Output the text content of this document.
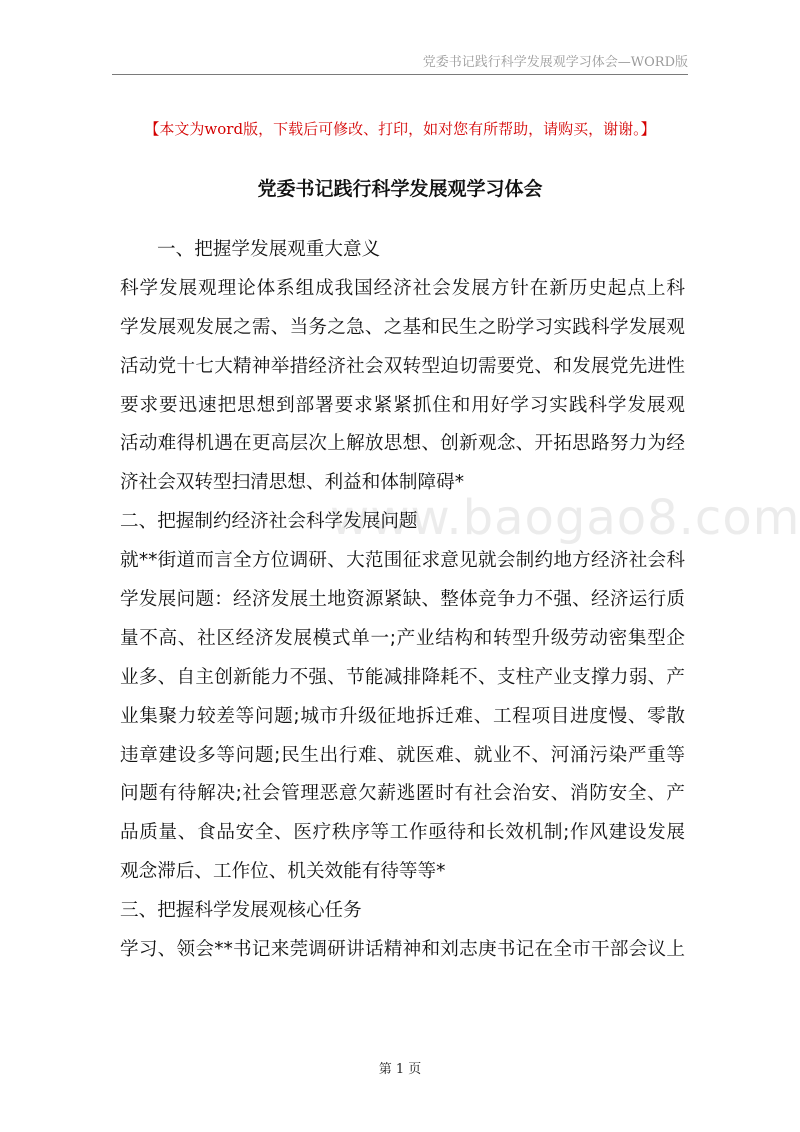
党委书记践行科学发展观学习体会—WORD版
【本文为word版，下载后可修改、打印，如对您有所帮助，请购买，谢谢。】
党委书记践行科学发展观学习体会
www.baogao8.com
一、把握学发展观重大意义
科学发展观理论体系组成我国经济社会发展方针在新历史起点上科
学发展观发展之需、当务之急、之基和民生之盼学习实践科学发展观
活动党十七大精神举措经济社会双转型迫切需要党、和发展党先进性
要求要迅速把思想到部署要求紧紧抓住和用好学习实践科学发展观
活动难得机遇在更高层次上解放思想、创新观念、开拓思路努力为经
济社会双转型扫清思想、利益和体制障碍*
二、把握制约经济社会科学发展问题
就**街道而言全方位调研、大范围征求意见就会制约地方经济社会科
学发展问题：经济发展土地资源紧缺、整体竞争力不强、经济运行质
量不高、社区经济发展模式单一;产业结构和转型升级劳动密集型企
业多、自主创新能力不强、节能减排降耗不、支柱产业支撑力弱、产
业集聚力较差等问题;城市升级征地拆迁难、工程项目进度慢、零散
违章建设多等问题;民生出行难、就医难、就业不、河涌污染严重等
问题有待解决;社会管理恶意欠薪逃匿时有社会治安、消防安全、产
品质量、食品安全、医疗秩序等工作亟待和长效机制;作风建设发展
观念滞后、工作位、机关效能有待等等*
三、把握科学发展观核心任务
学习、领会**书记来莞调研讲话精神和刘志庚书记在全市干部会议上
第 1 页
